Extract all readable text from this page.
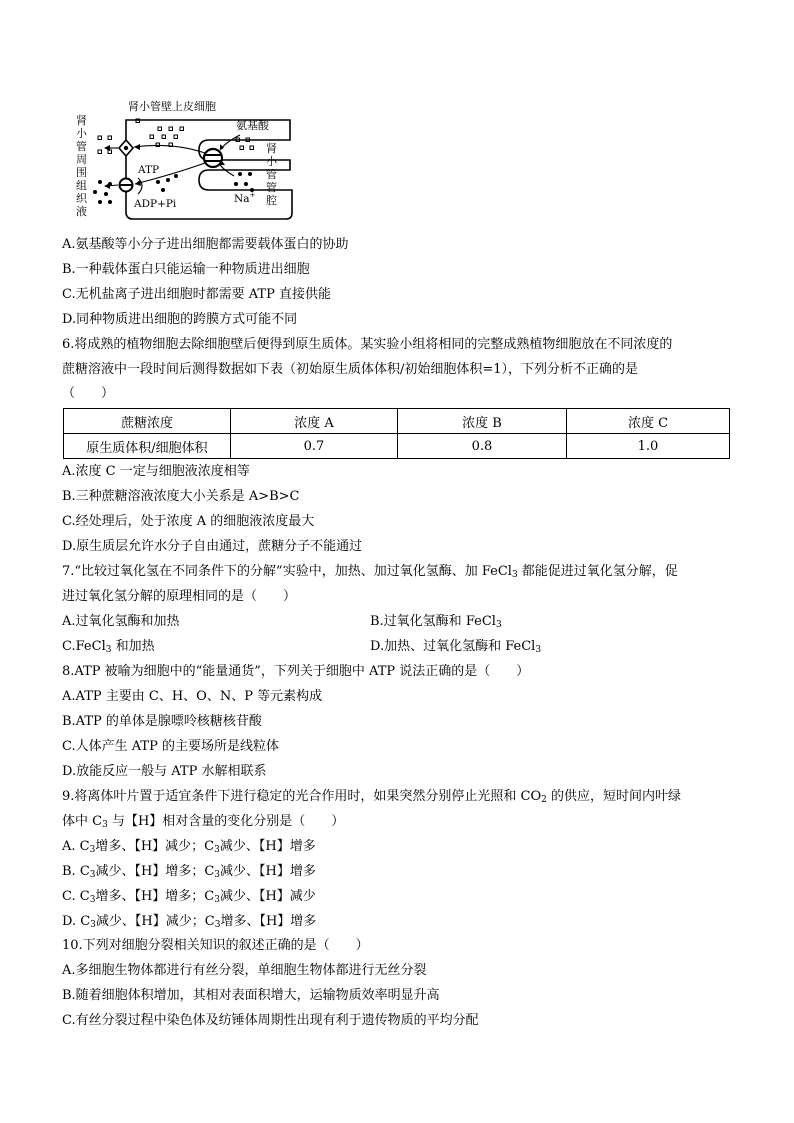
肾小管壁上皮细胞
肾
小
管
周
围
组
织
液
肾
小
管
管
腔
氨基酸
ATP
ADP+Pi	Na+
A.氨基酸等小分子进出细胞都需要载体蛋白的协助
B.一种载体蛋白只能运输一种物质进出细胞
C.无机盐离子进出细胞时都需要 ATP 直接供能
D.同种物质进出细胞的跨膜方式可能不同
6.将成熟的植物细胞去除细胞壁后便得到原生质体。某实验小组将相同的完整成熟植物细胞放在不同浓度的
蔗糖溶液中一段时间后测得数据如下表（初始原生质体体积/初始细胞体积=1），下列分析不正确的是
（　　）
蔗糖浓度	浓度 A	浓度 B	浓度 C
原生质体积/细胞体积	0.7	0.8	1.0
A.浓度 C 一定与细胞液浓度相等
B.三种蔗糖溶液浓度大小关系是 A>B>C
C.经处理后，处于浓度 A 的细胞液浓度最大
D.原生质层允许水分子自由通过，蔗糖分子不能通过
7.“比较过氧化氢在不同条件下的分解”实验中，加热、加过氧化氢酶、加 FeCl$_3$ 都能促进过氧化氢分解，促
进过氧化氢分解的原理相同的是（　　）
A.过氧化氢酶和加热	B.过氧化氢酶和 FeCl$_3$
C.FeCl$_3$ 和加热	D.加热、过氧化氢酶和 FeCl$_3$
8.ATP 被喻为细胞中的“能量通货”，下列关于细胞中 ATP 说法正确的是（　　）
A.ATP 主要由 C、H、O、N、P 等元素构成
B.ATP 的单体是腺嘌呤核糖核苷酸
C.人体产生 ATP 的主要场所是线粒体
D.放能反应一般与 ATP 水解相联系
9.将离体叶片置于适宜条件下进行稳定的光合作用时，如果突然分别停止光照和 $CO_2$ 的供应，短时间内叶绿
体中 $C_3$ 与【H】相对含量的变化分别是（　　）
A. $C_3$增多、【H】减少；$C_3$减少、【H】增多
B. $C_3$减少、【H】增多；$C_3$减少、【H】增多
C. $C_3$增多、【H】增多；$C_3$减少、【H】减少
D. $C_3$减少、【H】减少；$C_3$增多、【H】增多
10.下列对细胞分裂相关知识的叙述正确的是（　　）
A.多细胞生物体都进行有丝分裂，单细胞生物体都进行无丝分裂
B.随着细胞体积增加，其相对表面积增大，运输物质效率明显升高
C.有丝分裂过程中染色体及纺锤体周期性出现有利于遗传物质的平均分配
